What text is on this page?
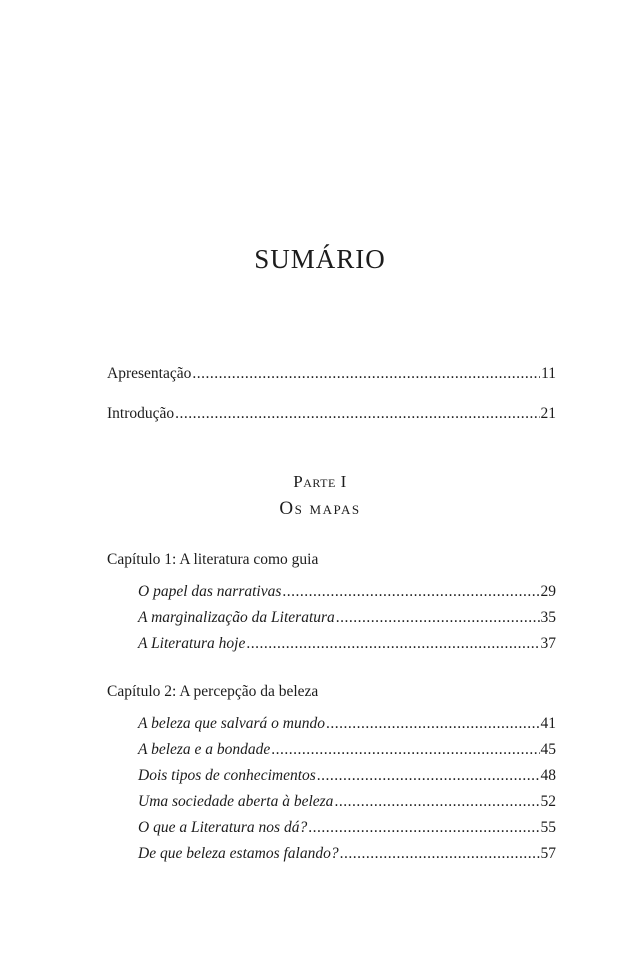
SUMÁRIO
Apresentação .....	11
Introdução .....	21
Parte I
Os mapas
Capítulo 1: A literatura como guia
O papel das narrativas .....	29
A marginalização da Literatura .....	35
A Literatura hoje .....	37
Capítulo 2: A percepção da beleza
A beleza que salvará o mundo .....	41
A beleza e a bondade .....	45
Dois tipos de conhecimentos .....	48
Uma sociedade aberta à beleza .....	52
O que a Literatura nos dá? .....	55
De que beleza estamos falando? .....	57
